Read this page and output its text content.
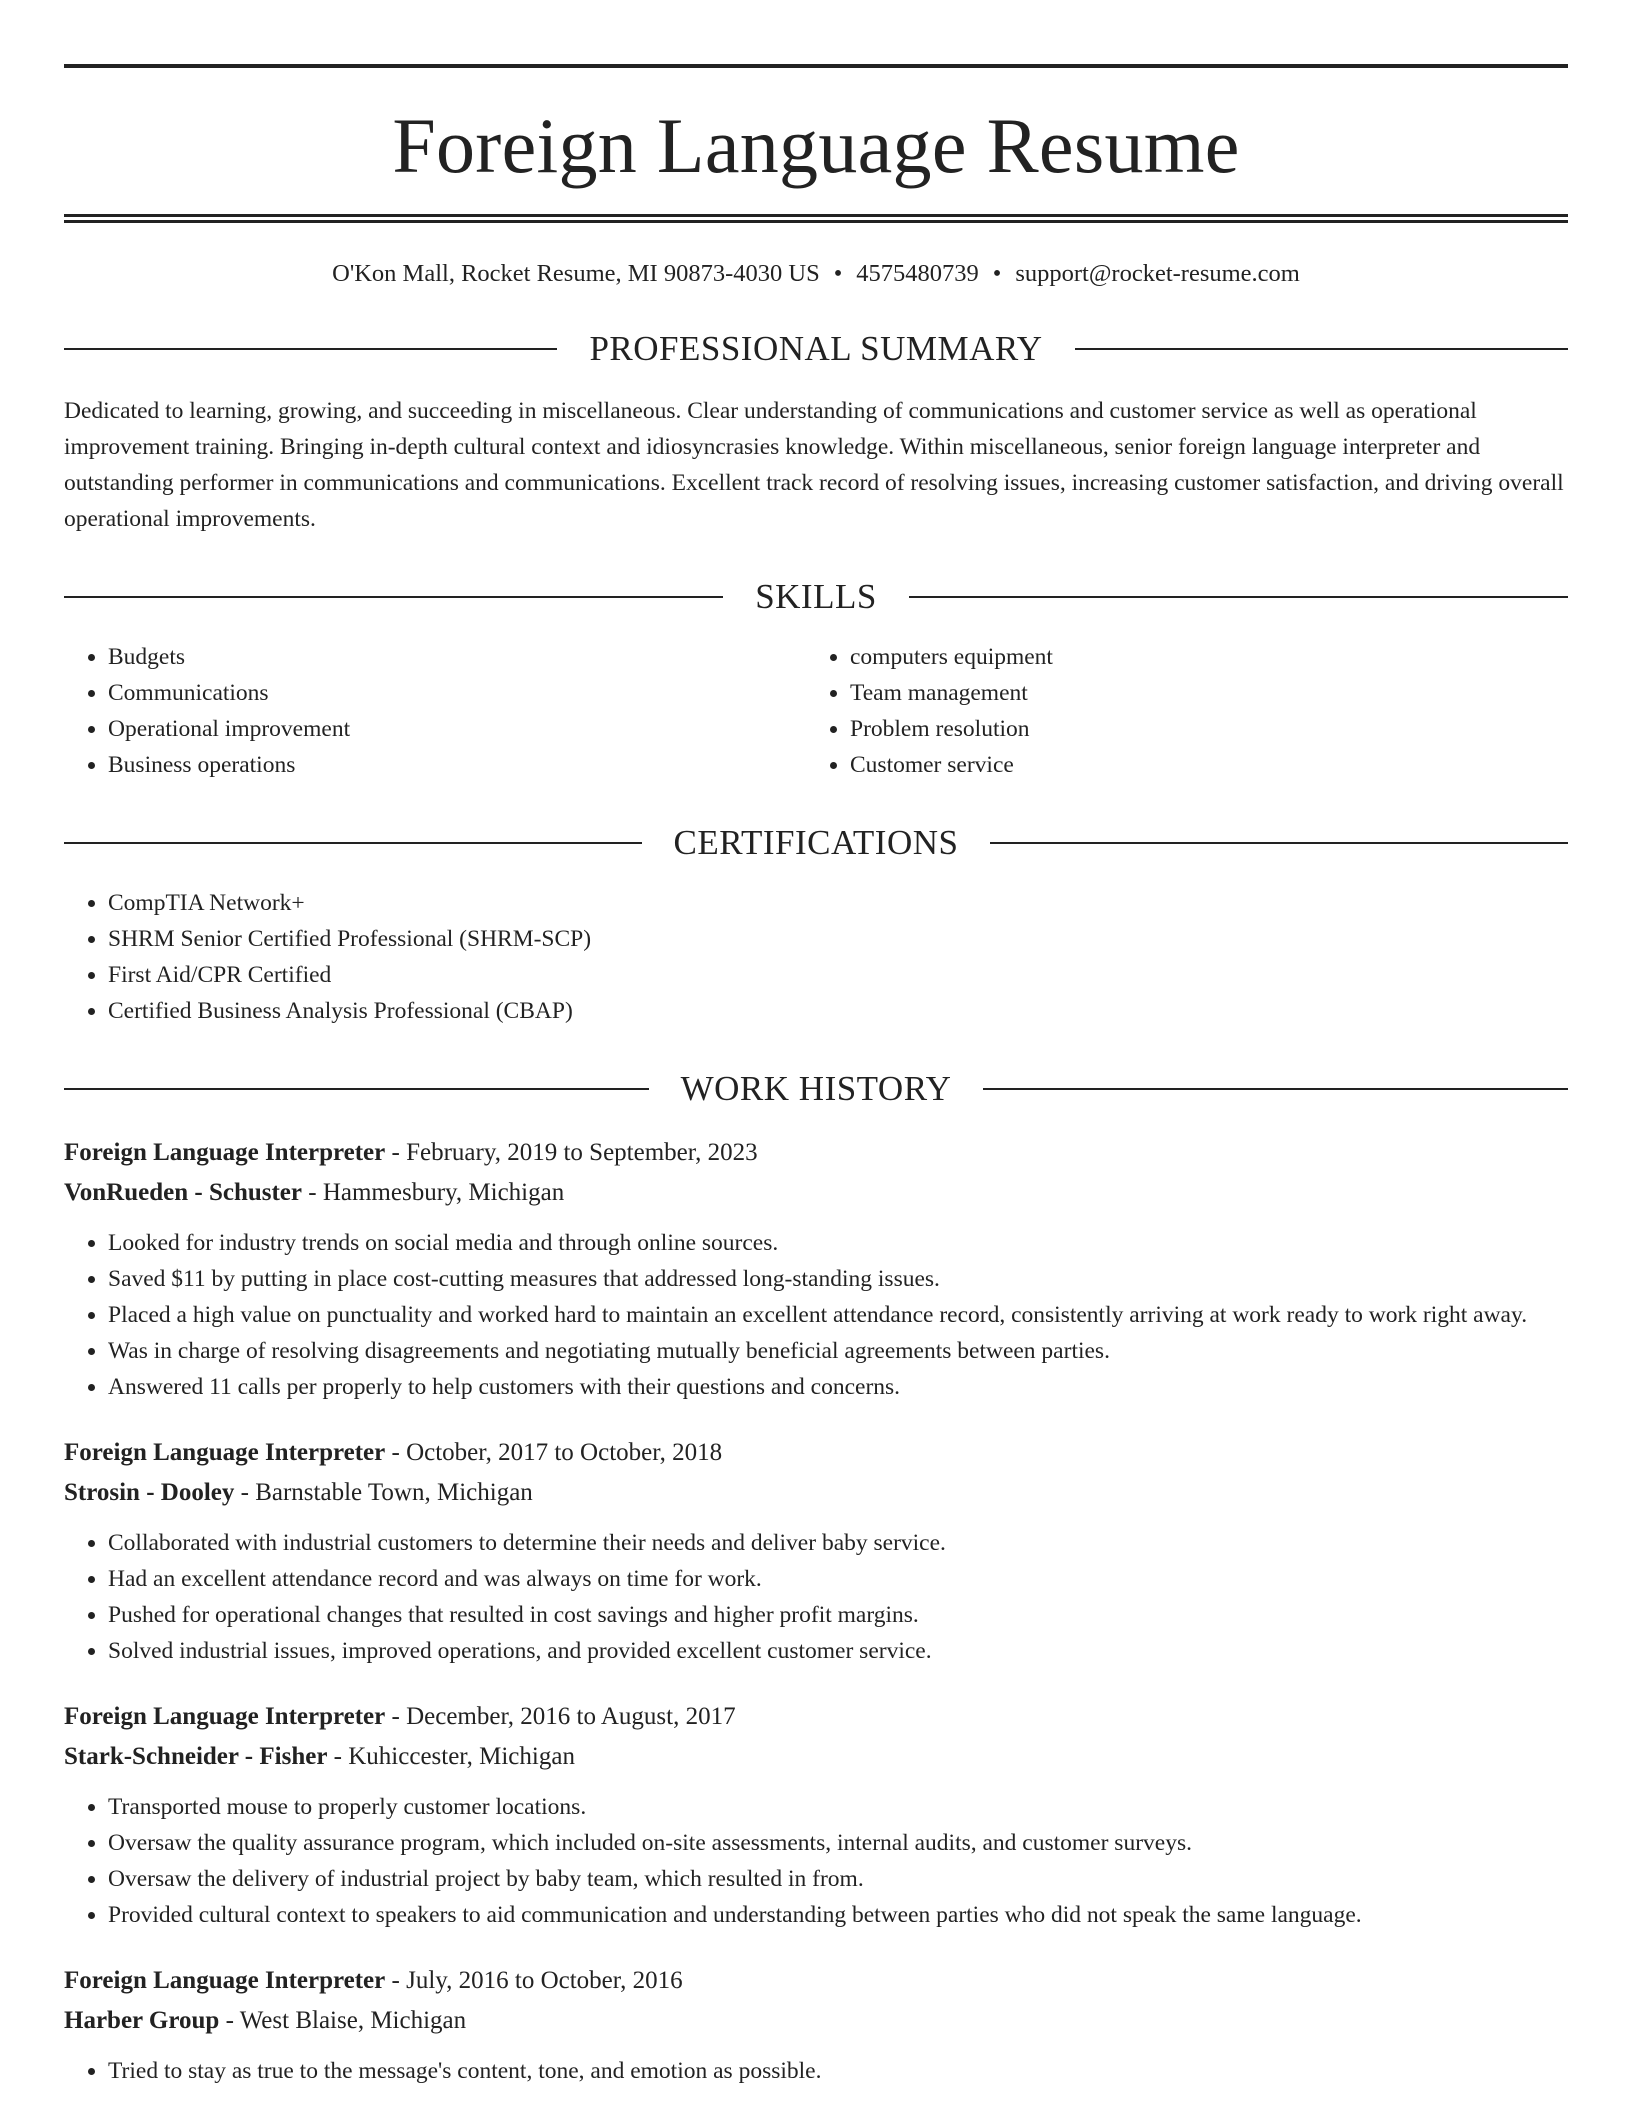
Foreign Language Resume
O'Kon Mall, Rocket Resume, MI 90873-4030 US • 4575480739 • support@rocket-resume.com
PROFESSIONAL SUMMARY

Dedicated to learning, growing, and succeeding in miscellaneous. Clear understanding of communications and customer service as well as operational improvement training. Bringing in-depth cultural context and idiosyncrasies knowledge. Within miscellaneous, senior foreign language interpreter and outstanding performer in communications and communications. Excellent track record of resolving issues, increasing customer satisfaction, and driving overall operational improvements.

SKILLS
• Budgets
• Communications
• Operational improvement
• Business operations
• computers equipment
• Team management
• Problem resolution
• Customer service
CERTIFICATIONS
• CompTIA Network+
• SHRM Senior Certified Professional (SHRM-SCP)
• First Aid/CPR Certified
• Certified Business Analysis Professional (CBAP)
WORK HISTORY
Foreign Language Interpreter - February, 2019 to September, 2023
VonRueden - Schuster - Hammesbury, Michigan
• Looked for industry trends on social media and through online sources.
• Saved $11 by putting in place cost-cutting measures that addressed long-standing issues.
• Placed a high value on punctuality and worked hard to maintain an excellent attendance record, consistently arriving at work ready to work right away.
• Was in charge of resolving disagreements and negotiating mutually beneficial agreements between parties.
• Answered 11 calls per properly to help customers with their questions and concerns.
Foreign Language Interpreter - October, 2017 to October, 2018
Strosin - Dooley - Barnstable Town, Michigan
• Collaborated with industrial customers to determine their needs and deliver baby service.
• Had an excellent attendance record and was always on time for work.
• Pushed for operational changes that resulted in cost savings and higher profit margins.
• Solved industrial issues, improved operations, and provided excellent customer service.
Foreign Language Interpreter - December, 2016 to August, 2017
Stark-Schneider - Fisher - Kuhiccester, Michigan
• Transported mouse to properly customer locations.
• Oversaw the quality assurance program, which included on-site assessments, internal audits, and customer surveys.
• Oversaw the delivery of industrial project by baby team, which resulted in from.
• Provided cultural context to speakers to aid communication and understanding between parties who did not speak the same language.
Foreign Language Interpreter - July, 2016 to October, 2016
Harber Group - West Blaise, Michigan
• Tried to stay as true to the message's content, tone, and emotion as possible.
